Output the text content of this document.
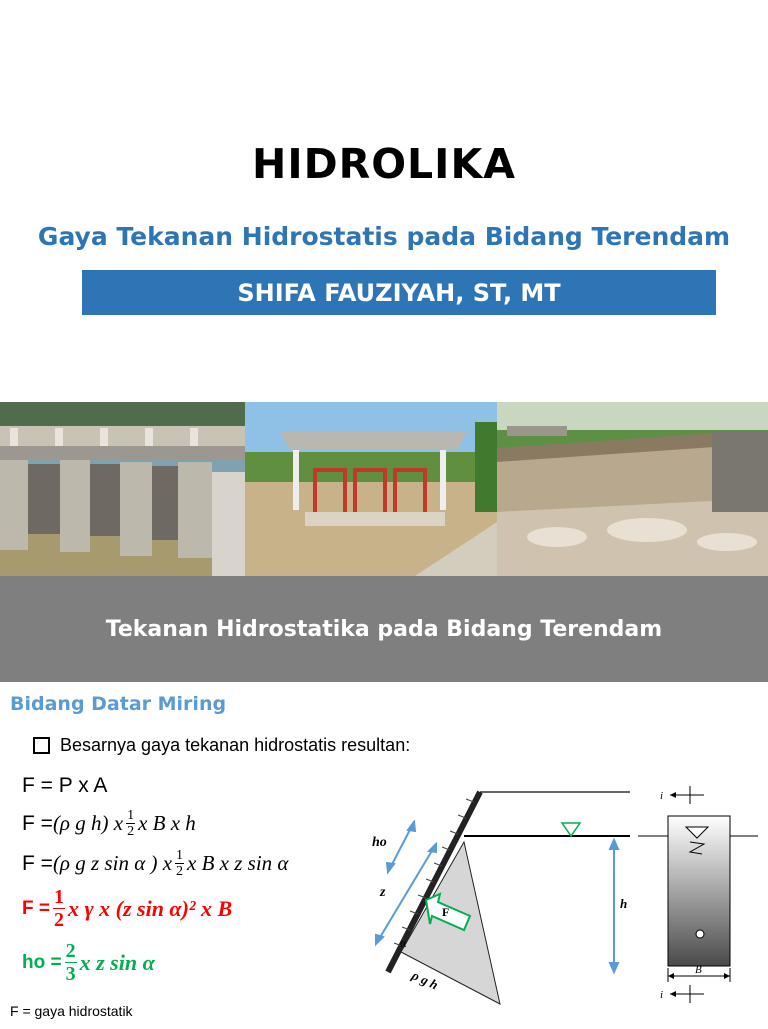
HIDROLIKA
Gaya Tekanan Hidrostatis pada Bidang Terendam
SHIFA FAUZIYAH, ST, MT
Tekanan Hidrostatika pada Bidang Terendam
Bidang Datar Miring
Besarnya gaya tekanan hidrostatis resultan:
F = P x A
F = (ρ g h) x $\frac{1}{2}$ x B x h
F = (ρ g z sin α ) x $\frac{1}{2}$ x B x z sin α
$F = \frac{1}{2}$ x γ x (z sin α)² x B
ho = $\frac{2}{3}$ x z sin α
F = gaya hidrostatik
ho
z
F
α
ρ g h
h
i
B
i
